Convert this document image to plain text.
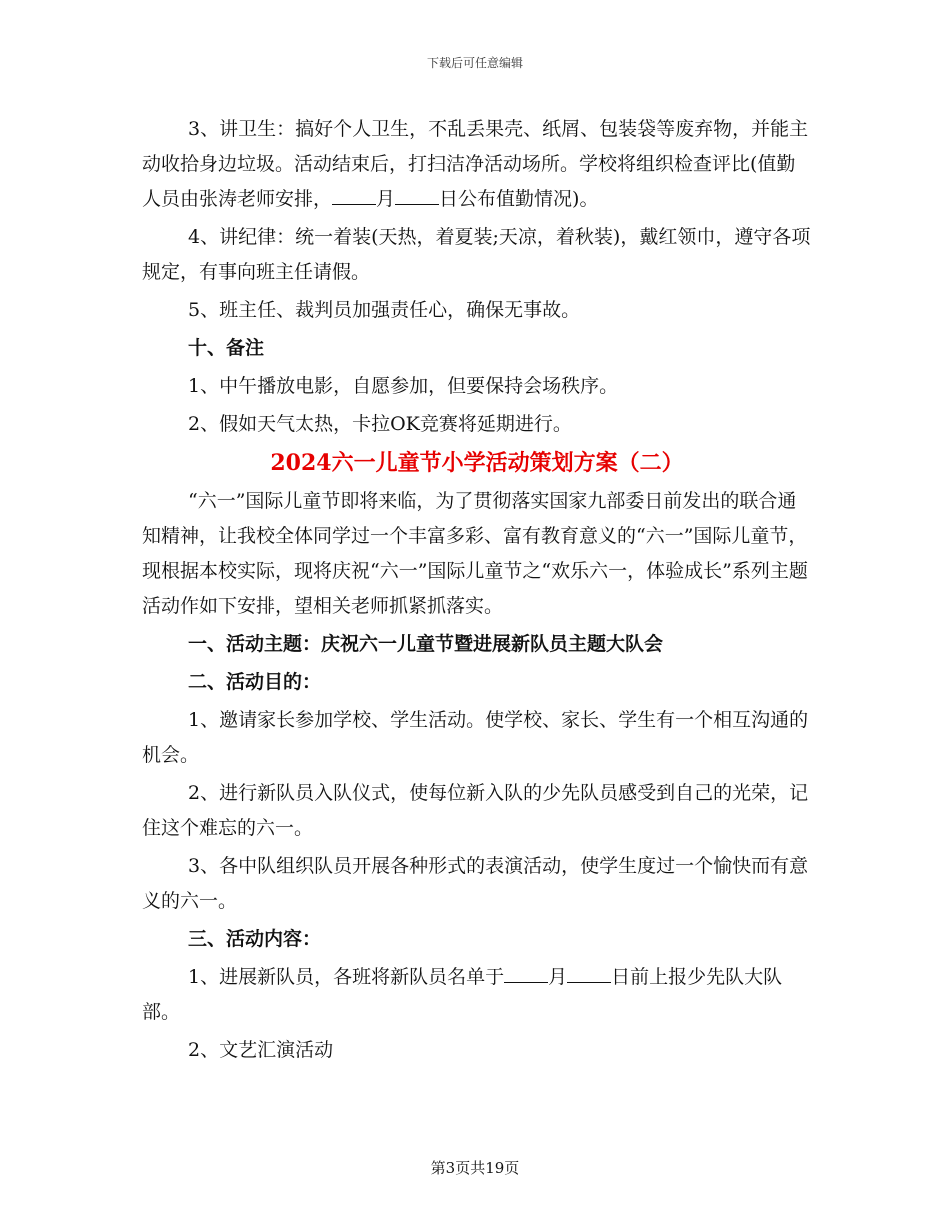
下载后可任意编辑

3、讲卫生：搞好个人卫生，不乱丢果壳、纸屑、包装袋等废弃物，并能主动收拾身边垃圾。活动结束后，打扫洁净活动场所。学校将组织检查评比(值勤人员由张涛老师安排， 月 日公布值勤情况)。

4、讲纪律：统一着装(天热，着夏装;天凉，着秋装)，戴红领巾，遵守各项规定，有事向班主任请假。

5、班主任、裁判员加强责任心，确保无事故。

十、备注

1、中午播放电影，自愿参加，但要保持会场秩序。

2、假如天气太热，卡拉OK竞赛将延期进行。

2024六一儿童节小学活动策划方案（二）

“六一”国际儿童节即将来临，为了贯彻落实国家九部委日前发出的联合通知精神，让我校全体同学过一个丰富多彩、富有教育意义的“六一”国际儿童节，现根据本校实际，现将庆祝“六一”国际儿童节之“欢乐六一，体验成长”系列主题活动作如下安排，望相关老师抓紧抓落实。

一、活动主题：庆祝六一儿童节暨进展新队员主题大队会

二、活动目的：

1、邀请家长参加学校、学生活动。使学校、家长、学生有一个相互沟通的机会。

2、进行新队员入队仪式，使每位新入队的少先队员感受到自己的光荣，记住这个难忘的六一。

3、各中队组织队员开展各种形式的表演活动，使学生度过一个愉快而有意义的六一。

三、活动内容：

1、进展新队员，各班将新队员名单于 月 日前上报少先队大队部。

2、文艺汇演活动

第3页共19页
